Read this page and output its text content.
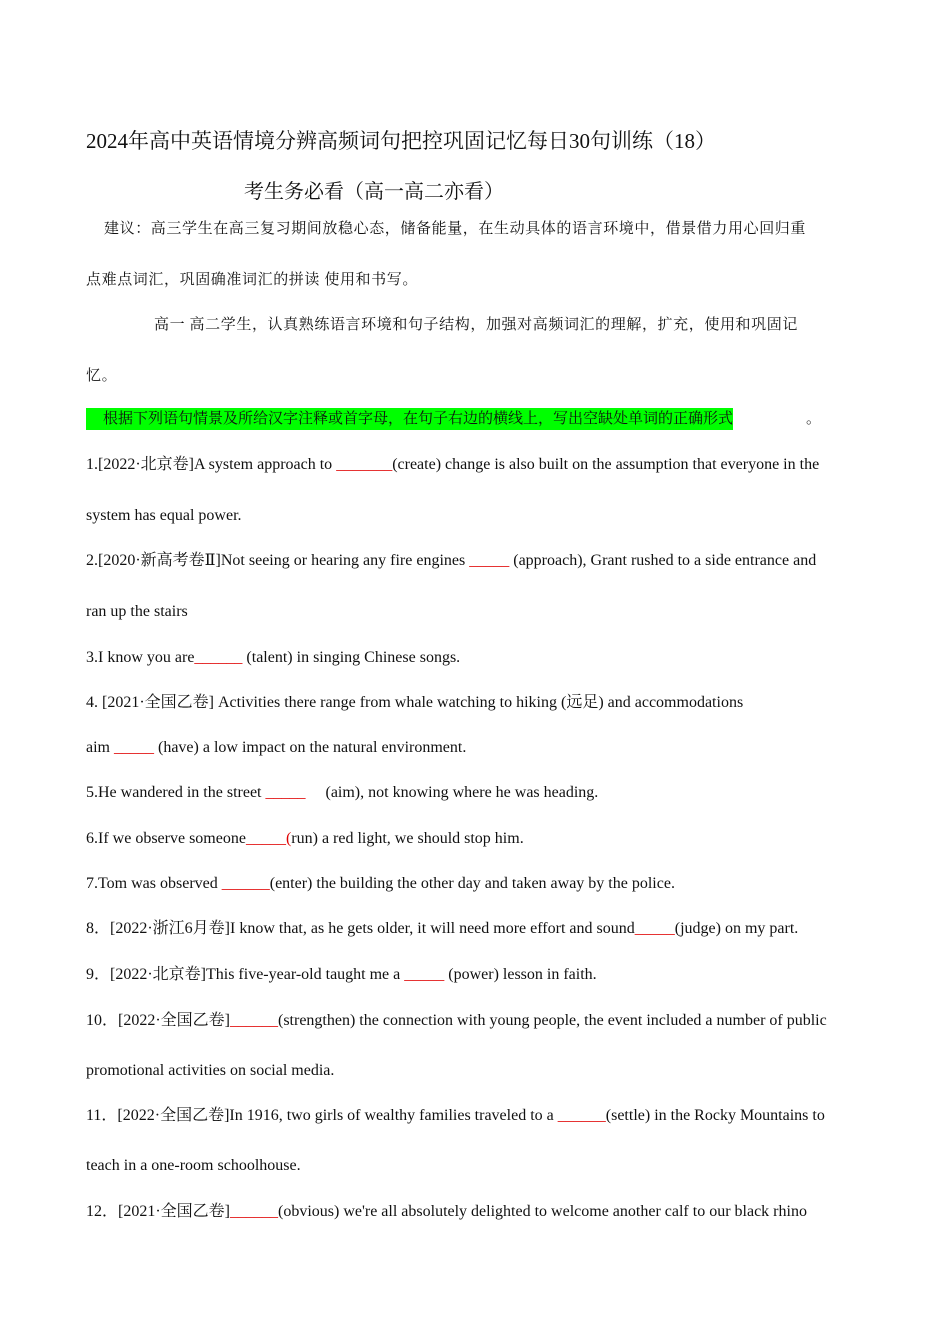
2024年高中英语情境分辨高频词句把控巩固记忆每日30句训练（18）
考生务必看（高一高二亦看）
建议：高三学生在高三复习期间放稳心态，储备能量，在生动具体的语言环境中，借景借力用心回归重
点难点词汇，巩固确准词汇的拼读 使用和书写。
高一 高二学生，认真熟练语言环境和句子结构，加强对高频词汇的理解，扩充，使用和巩固记
忆。
根据下列语句情景及所给汉字注释或首字母，在句子右边的横线上，写出空缺处单词的正确形式	。
1.[2022·北京卷]A system approach to _______(create) change is also built on the assumption that everyone in the
system has equal power.
2.[2020·新高考卷Ⅱ]Not seeing or hearing any fire engines _____ (approach), Grant rushed to a side entrance and
ran up the stairs
3.I know you are______ (talent) in singing Chinese songs.
4. [2021·全国乙卷] Activities there range from whale watching to hiking (远足) and accommodations
aim _____ (have) a low impact on the natural environment.
5.He wandered in the street _____     (aim), not knowing where he was heading.
6.If we observe someone_____(run) a red light, we should stop him.
7.Tom was observed ______(enter) the building the other day and taken away by the police.
8．[2022·浙江6月卷]I know that, as he gets older, it will need more effort and sound_____(judge) on my part.
9．[2022·北京卷]This five-year-old taught me a _____ (power) lesson in faith.
10．[2022·全国乙卷]______(strengthen) the connection with young people, the event included a number of public
promotional activities on social media.
11．[2022·全国乙卷]In 1916, two girls of wealthy families traveled to a ______(settle) in the Rocky Mountains to
teach in a one-room schoolhouse.
12．[2021·全国乙卷]______(obvious) we're all absolutely delighted to welcome another calf to our black rhino
